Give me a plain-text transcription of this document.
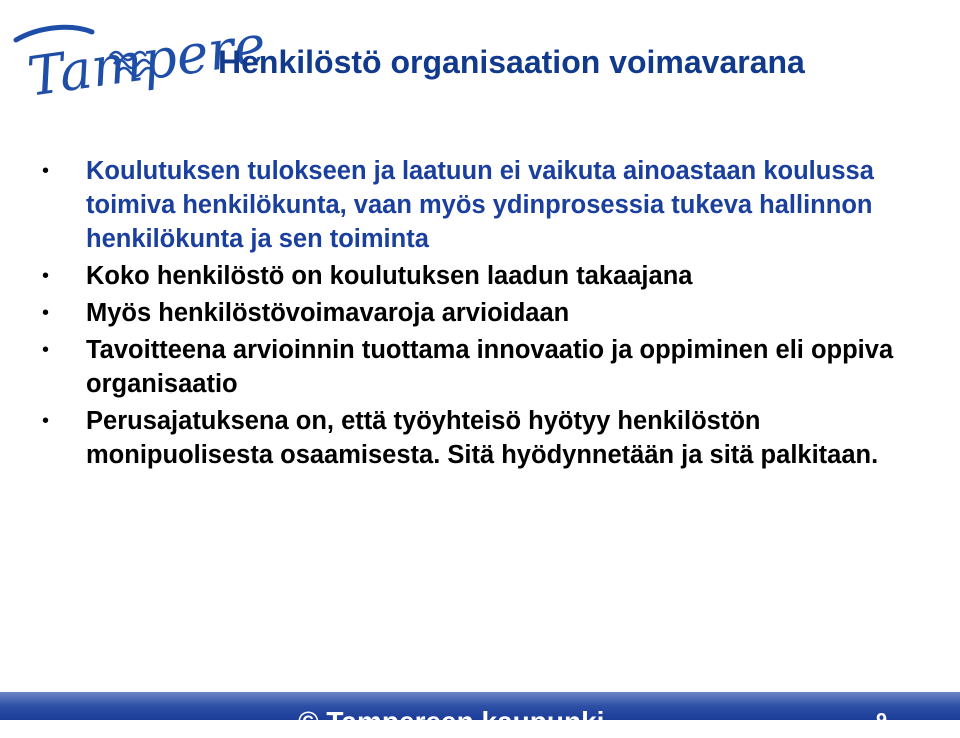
Tampere
Henkilöstö organisaation voimavarana
• Koulutuksen tulokseen ja laatuun ei vaikuta ainoastaan koulussa toimiva henkilökunta, vaan myös ydinprosessia tukeva hallinnon henkilökunta ja sen toiminta
• Koko henkilöstö on koulutuksen laadun takaajana
• Myös henkilöstövoimavaroja arvioidaan
• Tavoitteena arvioinnin tuottama innovaatio ja oppiminen eli oppiva organisaatio
• Perusajatuksena on, että työyhteisö hyötyy henkilöstön monipuolisesta osaamisesta. Sitä hyödynnetään ja sitä palkitaan.
© Tampereen kaupunki	9
